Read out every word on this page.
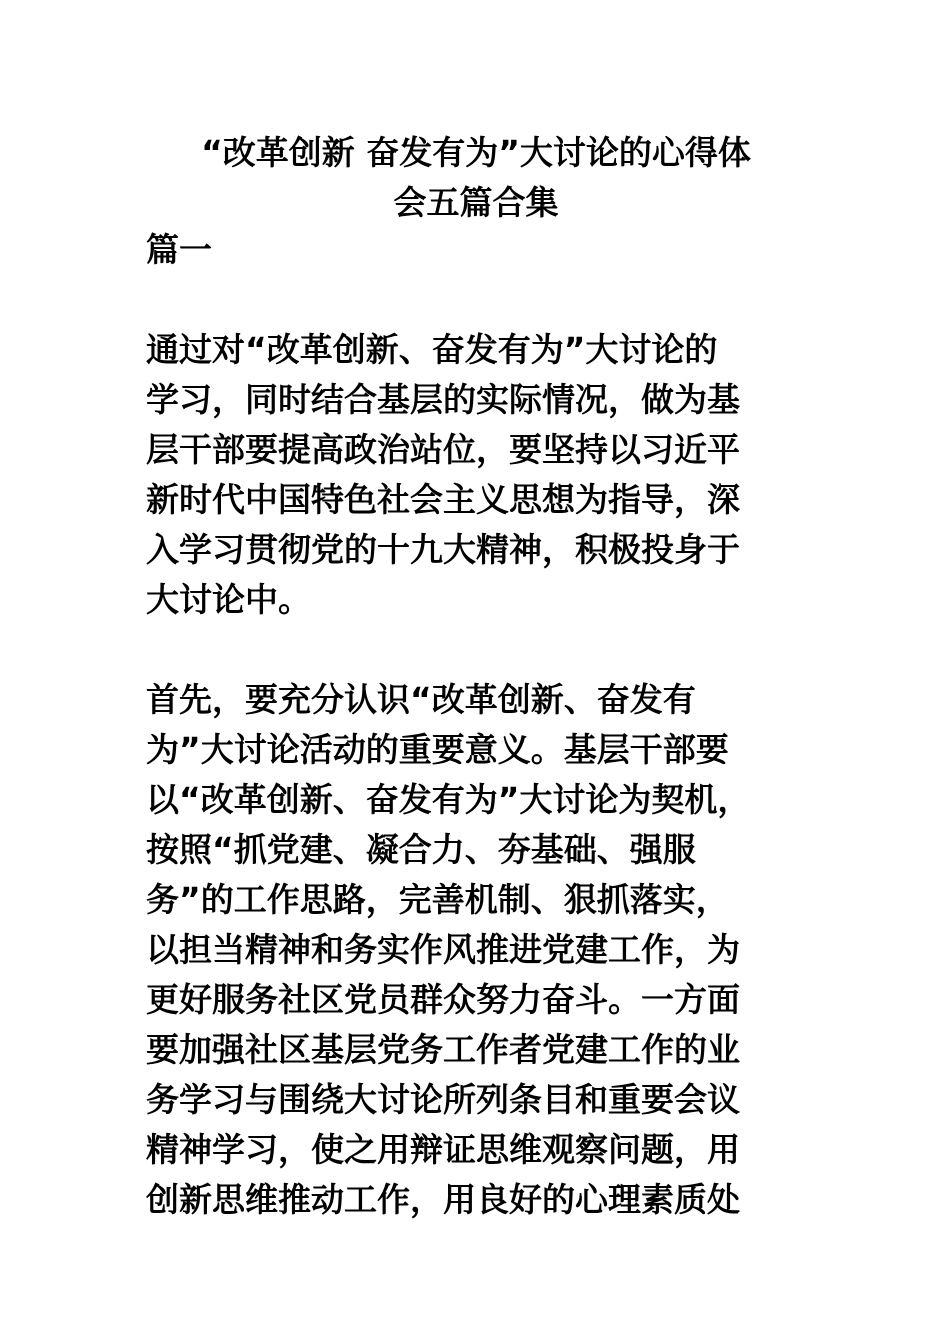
“改革创新 奋发有为”大讨论的心得体
会五篇合集
篇一

通过对“改革创新、奋发有为”大讨论的
学习，同时结合基层的实际情况，做为基
层干部要提高政治站位，要坚持以习近平
新时代中国特色社会主义思想为指导，深
入学习贯彻党的十九大精神，积极投身于
大讨论中。

首先，要充分认识“改革创新、奋发有
为”大讨论活动的重要意义。基层干部要
以“改革创新、奋发有为”大讨论为契机，
按照“抓党建、凝合力、夯基础、强服
务”的工作思路，完善机制、狠抓落实，
以担当精神和务实作风推进党建工作，为
更好服务社区党员群众努力奋斗。一方面
要加强社区基层党务工作者党建工作的业
务学习与围绕大讨论所列条目和重要会议
精神学习，使之用辩证思维观察问题，用
创新思维推动工作，用良好的心理素质处
